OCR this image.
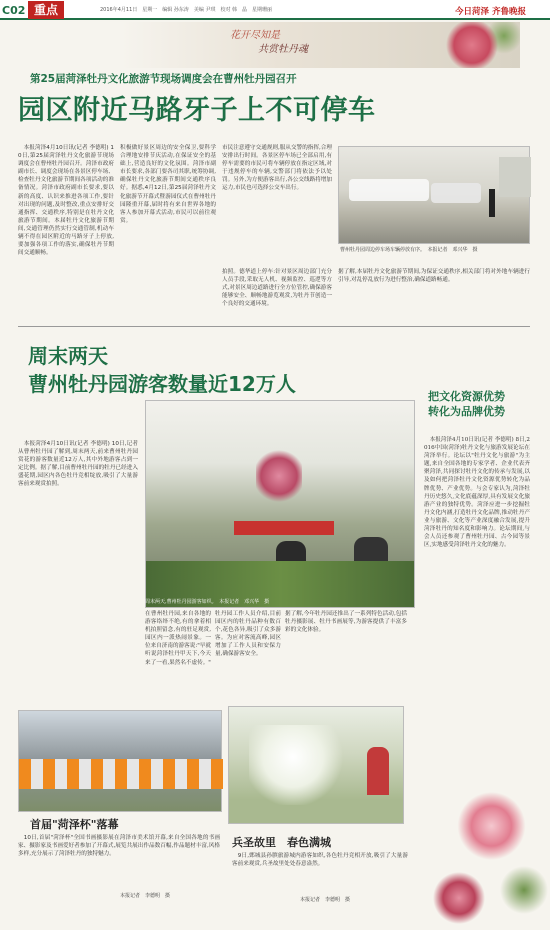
C02 重点	2016年4月11日　星期一　编辑 孙东涛　美编 尹琪　校对 韩　晶　星期珊丽	今日菏泽 齐鲁晚报
花开尽知是
共赏牡丹魂
第25届菏泽牡丹文化旅游节现场调度会在曹州牡丹园召开
园区附近马路牙子上不可停车
　本报菏泽4月10日讯(记者 李德明) 10日,第25届菏泽牡丹文化旅游节现场调度会在曹州牡丹园召开。菏泽市政府副市长、调度会现场在各景区停车场、检查牡丹文化旅游节期间各项活动的准备情况。菏泽市政府副市长要求,要以新的高度、认识来推进各项工作,要针对出现的问题,及时整改,重点安排好交通指挥、交通秩序,特别是在牡丹文化旅游节期间。本届牡丹文化旅游节期间,交通管理仍然实行交通管制,机动车辆不得在园区附近的马路牙子上停放,要加强各项工作的落实,确保牡丹节期间交通顺畅。
积极做好景区周边的安全保卫,要科学合理地安排节庆活动,在保证安全的基础上,营造良好的文化氛围。菏泽市副市长要求,各部门要各司其职,统筹协调,确保牡丹文化旅游节期间交通秩序良好。据悉,4月12日,第25届菏泽牡丹文化旅游节开幕式暨游园仪式在曹州牡丹园隆重开幕,届时将有来自世界各地的客人参加开幕式活动,市民可以前往观赏。
市民注意遵守交通规则,服从交警的指挥,合理安排出行时间。各景区停车场已全部启用,有停车需要的市民可将车辆停放在指定区域,对于违规停车的车辆,交警部门将依法予以处罚。另外,为方便游客出行,各公交线路将增加运力,市民也可选择公交车出行。
曹州牡丹园周边停车场车辆停放有序。　本报记者　邓兴华　摄
拍照。德华道上停车:针对景区周边部门充分人员手段,采取无人机、视频监控、巡逻等方式,对景区周边道路进行全方位管控,确保游客能够安全、顺畅地游览观赏,为牡丹节创造一个良好的交通环境。
据了解,本届牡丹文化旅游节期间,为保证交通秩序,相关部门将对外地车辆进行引导,对乱停乱放行为进行整治,确保道路畅通。
周末两天
曹州牡丹园游客数量近12万人
　本报菏泽4月10日讯(记者 李德明) 10日,记者从曹州牡丹园了解到,周末两天,前来曹州牡丹园赏花的游客数量近12万人,其中外地游客占到一定比例。据了解,目前曹州牡丹园的牡丹已经进入盛花期,园区内各色牡丹竞相绽放,吸引了大量游客前来观赏拍照。
周末两天,曹州牡丹园游客如织。　本报记者　邓兴华　摄
在曹州牡丹园,来自各地的游客络绎不绝,有的拿着相机拍照留念,有的驻足观赏,园区内一派热闹景象。一位来自济南的游客说:"早就听说菏泽牡丹甲天下,今天来了一看,果然名不虚传。"
牡丹园工作人员介绍,目前园区内的牡丹品种有数百个,花色各异,吸引了众多游客。为应对客流高峰,园区增加了工作人员和安保力量,确保游客安全。
据了解,今年牡丹园还推出了一系列特色活动,包括牡丹摄影展、牡丹书画展等,为游客提供了丰富多彩的文化体验。
把文化资源优势
转化为品牌优势
　本报菏泽4月10日讯(记者 李德明) 8日,2016中国(菏泽)牡丹文化与旅游发展论坛在菏泽举行。论坛以"牡丹文化与旅游"为主题,来自全国各地的专家学者、企业代表齐聚菏泽,共同探讨牡丹文化的传承与发展,以及如何把菏泽牡丹文化资源优势转化为品牌优势、产业优势。与会专家认为,菏泽牡丹历史悠久,文化底蕴深厚,具有发展文化旅游产业的独特优势。菏泽应进一步挖掘牡丹文化内涵,打造牡丹文化品牌,推动牡丹产业与旅游、文化等产业深度融合发展,提升菏泽牡丹的知名度和影响力。论坛期间,与会人员还参观了曹州牡丹园、古今园等景区,实地感受菏泽牡丹文化的魅力。
首届"菏泽杯"落幕
　10日,首届"菏泽杯"全国书画摄影展在菏泽市美术馆开幕,来自全国各地的书画家、摄影家及书画爱好者参加了开幕式,展览共展出作品数百幅,作品题材丰富,风格多样,充分展示了菏泽牡丹的独特魅力。
本报记者　李德明　摄
兵圣故里　春色满城
　9日,鄄城县孙膑旅游城内游客如织,各色牡丹竞相开放,吸引了大量游客前来观赏,兵圣故里处处春意盎然。
本报记者　李德明　摄
